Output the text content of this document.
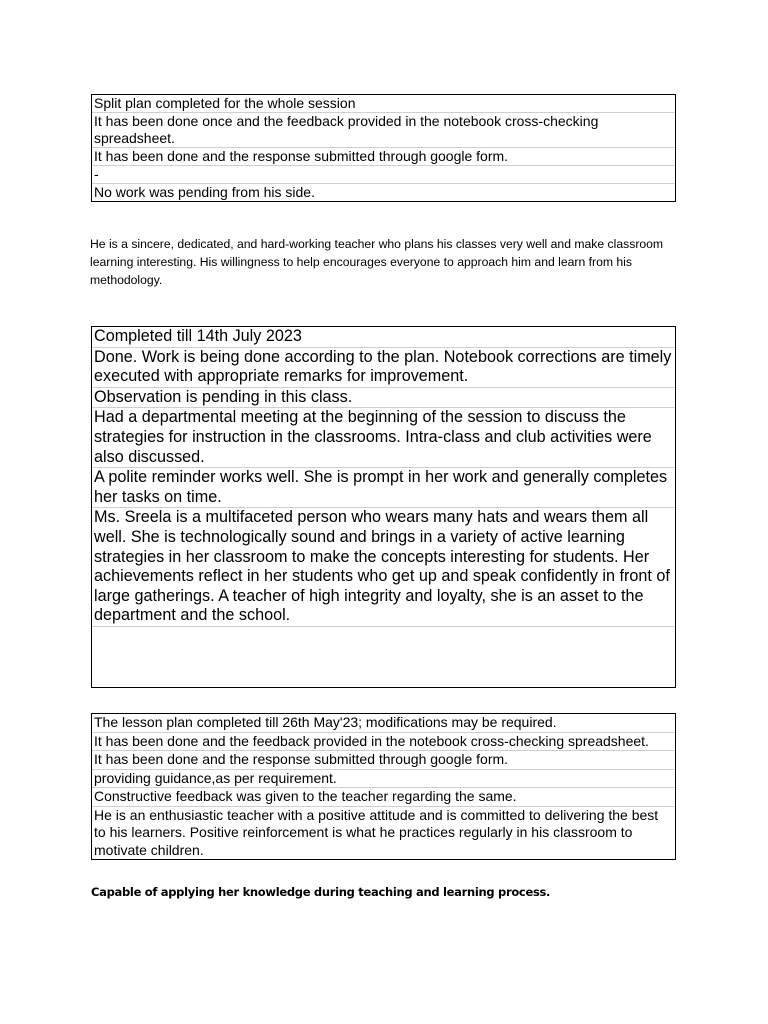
Split plan completed for the whole session
It has been done once and the feedback provided in the notebook cross-checking spreadsheet.
It has been done and the response submitted through google form.
-
No work was pending from his side.
He is a sincere, dedicated, and hard-working teacher who plans his classes very well and make classroom learning interesting. His willingness to help encourages everyone to approach him and learn from his methodology.
Completed till 14th July 2023
Done. Work is being done according to the plan. Notebook corrections are timely executed with appropriate remarks for improvement.
Observation is pending in this class.
Had a departmental meeting at the beginning of the session to discuss the strategies for instruction in the classrooms. Intra-class and club activities were also discussed.
A polite reminder works well. She is prompt in her work and generally completes her tasks on time.
Ms. Sreela is a multifaceted person who wears many hats and wears them all well. She is technologically sound and brings in a variety of active learning strategies in her classroom to make the concepts interesting for students. Her achievements reflect in her students who get up and speak confidently in front of large gatherings. A teacher of high integrity and loyalty, she is an asset to the department and the school.
The lesson plan completed till 26th May'23; modifications may be required.
It has been done and the feedback provided in the notebook cross-checking spreadsheet.
It has been done and the response submitted through google form.
providing guidance,as per requirement.
Constructive feedback was given to the teacher regarding the same.
He is an enthusiastic teacher with a positive attitude and is committed to delivering the best to his learners. Positive reinforcement is what he practices regularly in his classroom to motivate children.
Capable of applying her knowledge during teaching and learning process.
